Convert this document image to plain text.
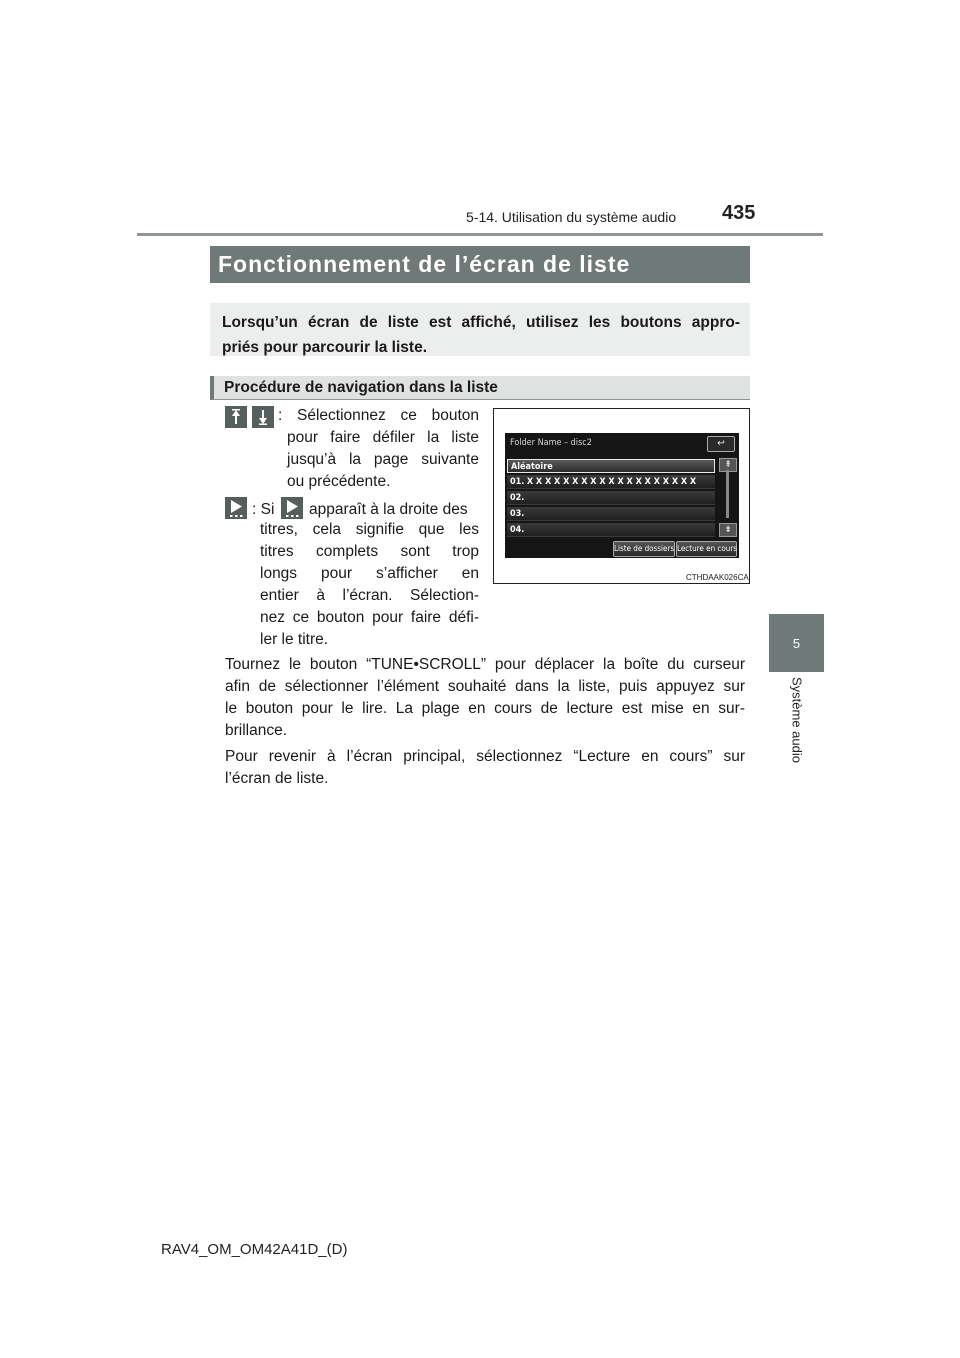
5-14. Utilisation du système audio 435
5
Système audio
Fonctionnement de l’écran de liste
Lorsqu’un écran de liste est affiché, utilisez les boutons appro-
priés pour parcourir la liste.
Procédure de navigation dans la liste
: Sélectionnez ce bouton
pour faire défiler la liste
jusqu’à la page suivante
ou précédente.
: Si apparaît à la droite des
titres, cela signifie que les
titres complets sont trop
longs pour s’afficher en
entier à l’écran. Sélection-
nez ce bouton pour faire défi-
ler le titre.
Folder Name – disc2	↩
Aléatoire
01. X X X X X X X X X X X X X X X X X X X
02.
03.
04.
⇞
⇟
Liste de dossiers Lecture en cours
CTHDAAK026CA
Tournez le bouton “TUNE•SCROLL” pour déplacer la boîte du curseur
afin de sélectionner l’élément souhaité dans la liste, puis appuyez sur
le bouton pour le lire. La plage en cours de lecture est mise en sur-
brillance.
Pour revenir à l’écran principal, sélectionnez “Lecture en cours” sur
l’écran de liste.
RAV4_OM_OM42A41D_(D)
